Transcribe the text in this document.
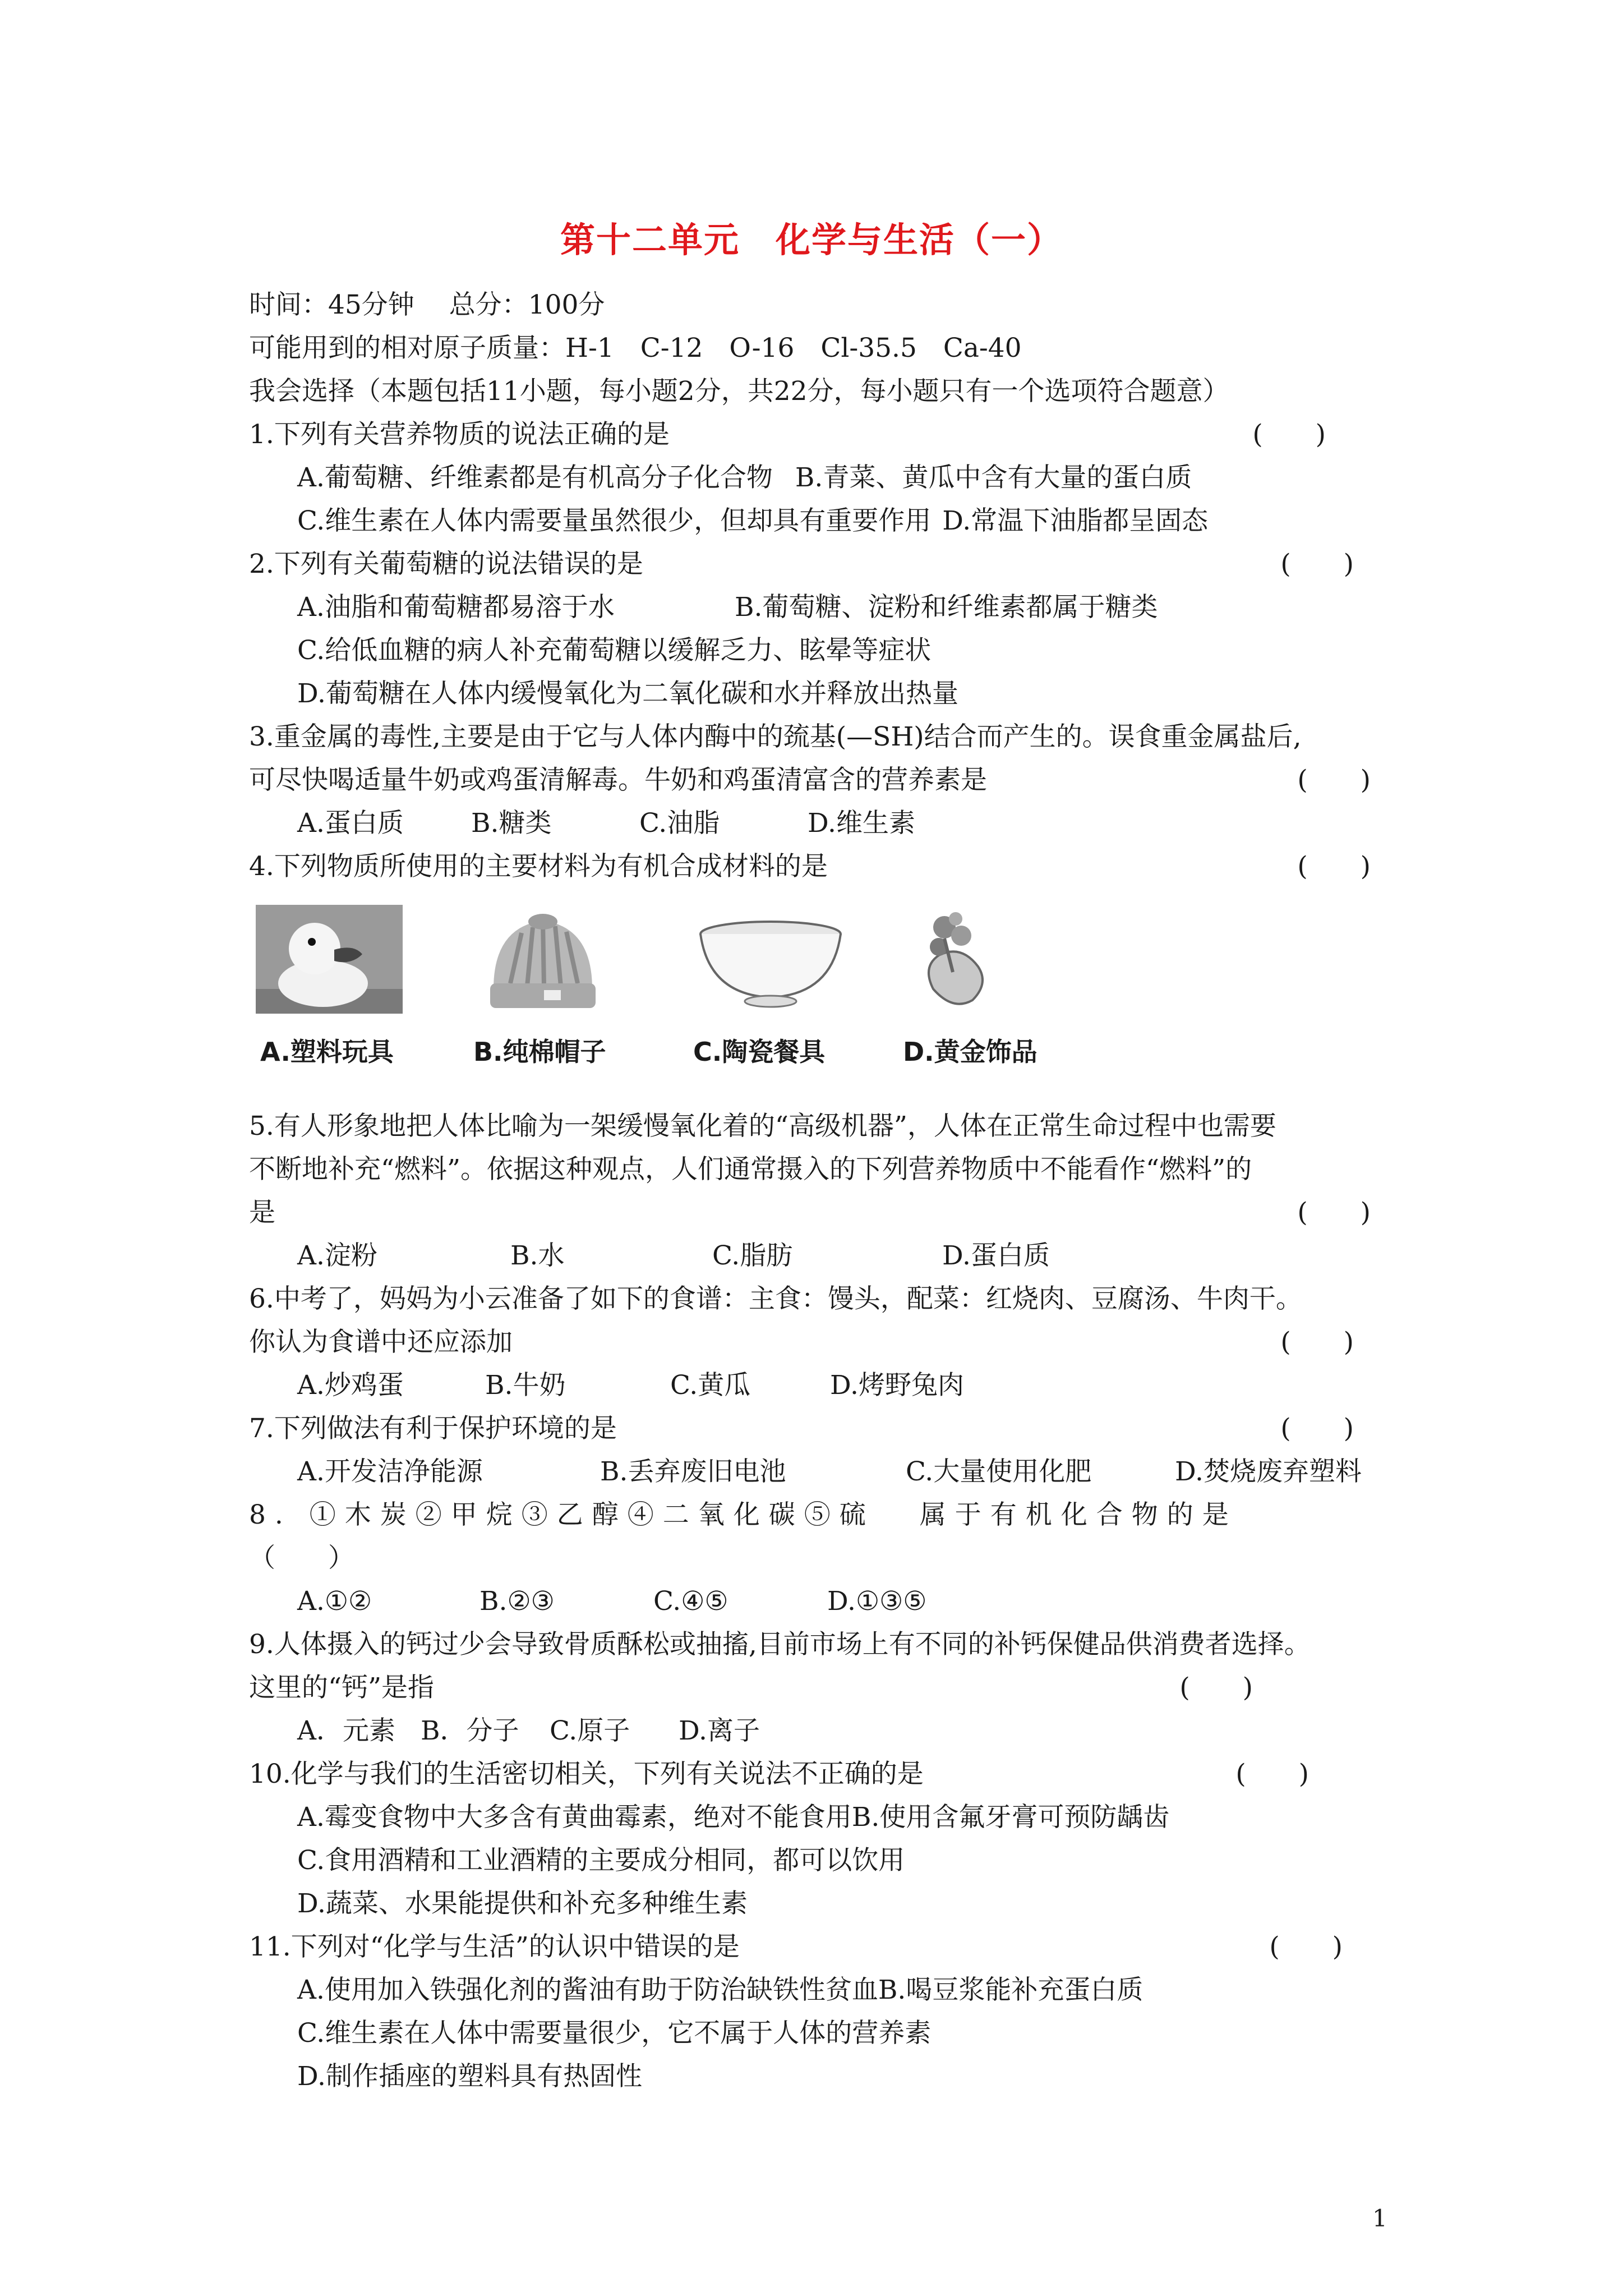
第十二单元　化学与生活（一）
时间：45分钟　 总分：100分
可能用到的相对原子质量：H-1　C-12　O-16　Cl-35.5　Ca-40
我会选择（本题包括11小题，每小题2分，共22分，每小题只有一个选项符合题意）
1.下列有关营养物质的说法正确的是	(　　)
A.葡萄糖、纤维素都是有机高分子化合物 B.青菜、黄瓜中含有大量的蛋白质
C.维生素在人体内需要量虽然很少，但却具有重要作用 D.常温下油脂都呈固态
2.下列有关葡萄糖的说法错误的是	(　　)
A.油脂和葡萄糖都易溶于水	B.葡萄糖、淀粉和纤维素都属于糖类
C.给低血糖的病人补充葡萄糖以缓解乏力、眩晕等症状
D.葡萄糖在人体内缓慢氧化为二氧化碳和水并释放出热量
3.重金属的毒性,主要是由于它与人体内酶中的巯基(—SH)结合而产生的。误食重金属盐后,
可尽快喝适量牛奶或鸡蛋清解毒。牛奶和鸡蛋清富含的营养素是	(　　)
A.蛋白质	B.糖类	C.油脂	D.维生素
4.下列物质所使用的主要材料为有机合成材料的是	(　　)
A.塑料玩具	B.纯棉帽子	C.陶瓷餐具	D.黄金饰品
5.有人形象地把人体比喻为一架缓慢氧化着的“高级机器”，人体在正常生命过程中也需要
不断地补充“燃料”。依据这种观点，人们通常摄入的下列营养物质中不能看作“燃料”的
是	(　　)
A.淀粉	B.水	C.脂肪	D.蛋白质
6.中考了，妈妈为小云准备了如下的食谱：主食：馒头，配菜：红烧肉、豆腐汤、牛肉干。
你认为食谱中还应添加	(　　)
A.炒鸡蛋	B.牛奶	C.黄瓜	D.烤野兔肉
7.下列做法有利于保护环境的是	(　　)
A.开发洁净能源	B.丢弃废旧电池	C.大量使用化肥	D.焚烧废弃塑料
8. ①木炭②甲烷③乙醇④二氧化碳⑤硫 属于有机化合物的是
（　　）
A.①②	B.②③	C.④⑤	D.①③⑤
9.人体摄入的钙过少会导致骨质酥松或抽搐,目前市场上有不同的补钙保健品供消费者选择。
这里的“钙”是指	(　　)
A．元素 B．分子 C.原子 D.离子
10.化学与我们的生活密切相关，下列有关说法不正确的是	(　　)
A.霉变食物中大多含有黄曲霉素，绝对不能食用B.使用含氟牙膏可预防龋齿
C.食用酒精和工业酒精的主要成分相同，都可以饮用
D.蔬菜、水果能提供和补充多种维生素
11.下列对“化学与生活”的认识中错误的是	(　　)
A.使用加入铁强化剂的酱油有助于防治缺铁性贫血B.喝豆浆能补充蛋白质
C.维生素在人体中需要量很少，它不属于人体的营养素
D.制作插座的塑料具有热固性
1
